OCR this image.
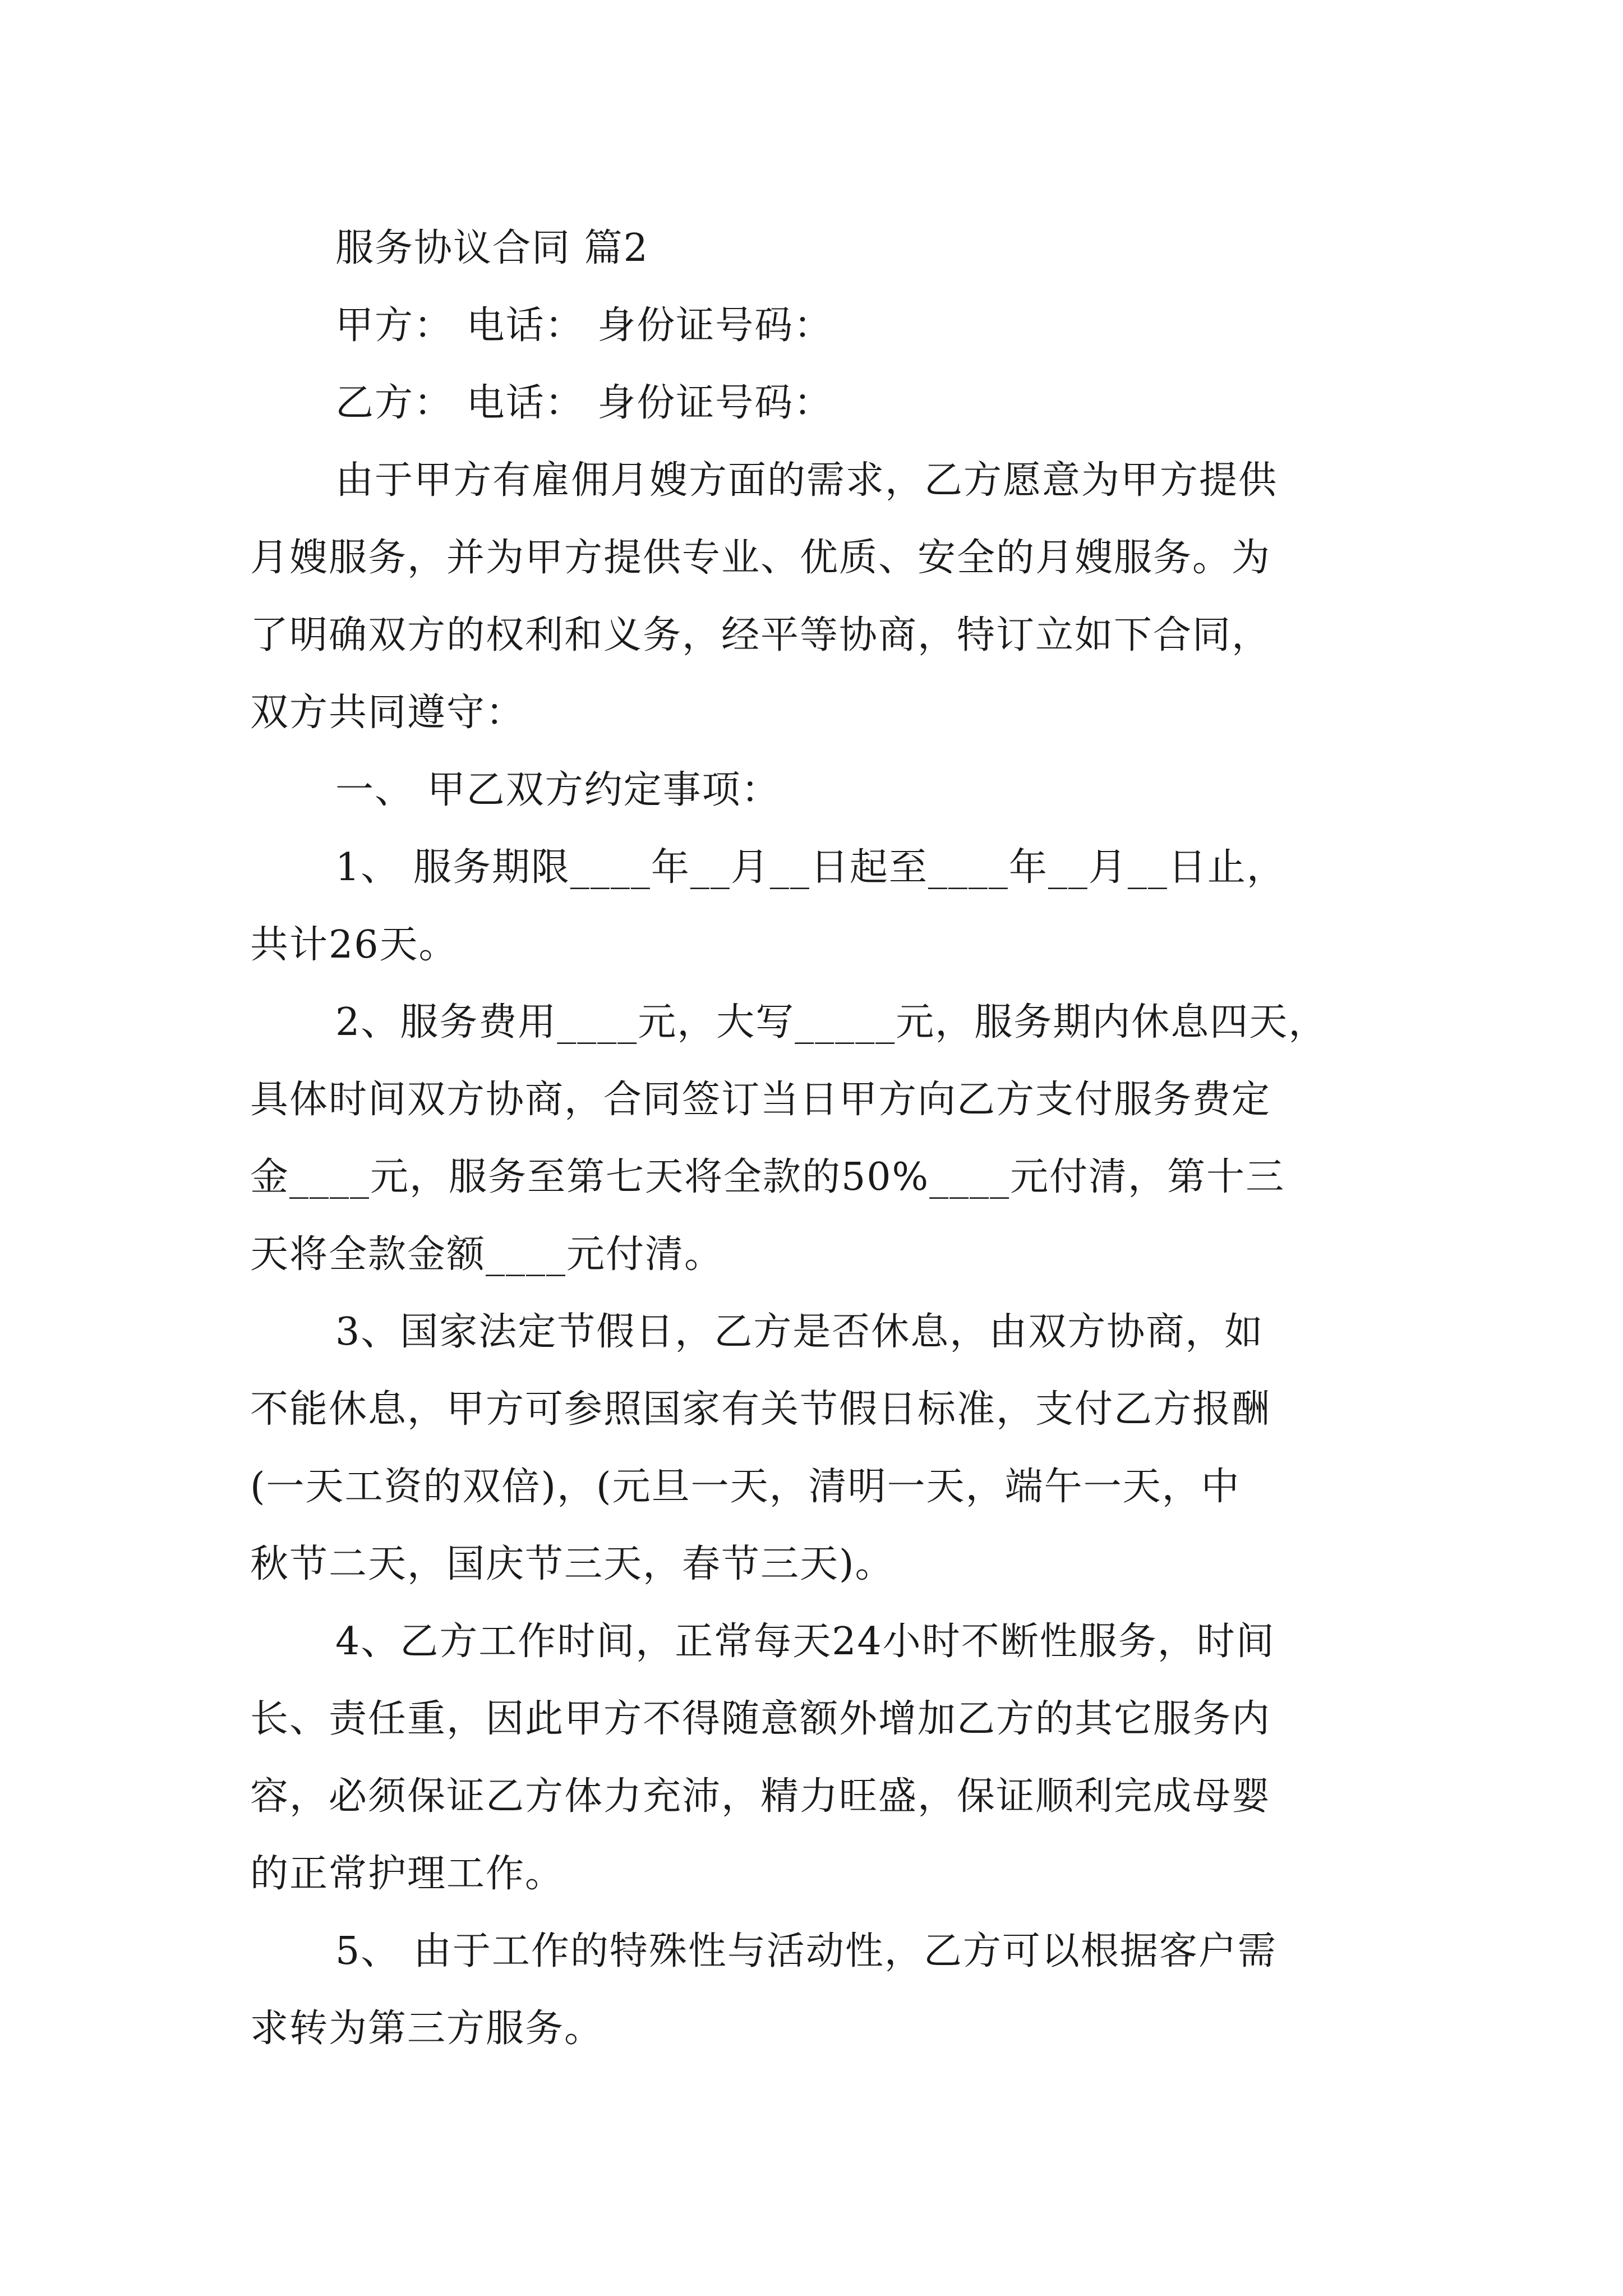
服务协议合同 篇2

甲方： 电话： 身份证号码：

乙方： 电话： 身份证号码：

由于甲方有雇佣月嫂方面的需求，乙方愿意为甲方提供

月嫂服务，并为甲方提供专业、优质、安全的月嫂服务。为

了明确双方的权利和义务，经平等协商，特订立如下合同，

双方共同遵守：

一、 甲乙双方约定事项：

1、 服务期限____年__月__日起至____年__月__日止，

共计26天。

2、服务费用____元，大写_____元，服务期内休息四天，

具体时间双方协商，合同签订当日甲方向乙方支付服务费定

金____元，服务至第七天将全款的50%____元付清，第十三

天将全款金额____元付清。

3、国家法定节假日，乙方是否休息，由双方协商，如

不能休息，甲方可参照国家有关节假日标准，支付乙方报酬

(一天工资的双倍)，(元旦一天，清明一天，端午一天，中

秋节二天，国庆节三天，春节三天)。

4、乙方工作时间，正常每天24小时不断性服务，时间

长、责任重，因此甲方不得随意额外增加乙方的其它服务内

容，必须保证乙方体力充沛，精力旺盛，保证顺利完成母婴

的正常护理工作。

5、 由于工作的特殊性与活动性，乙方可以根据客户需

求转为第三方服务。
